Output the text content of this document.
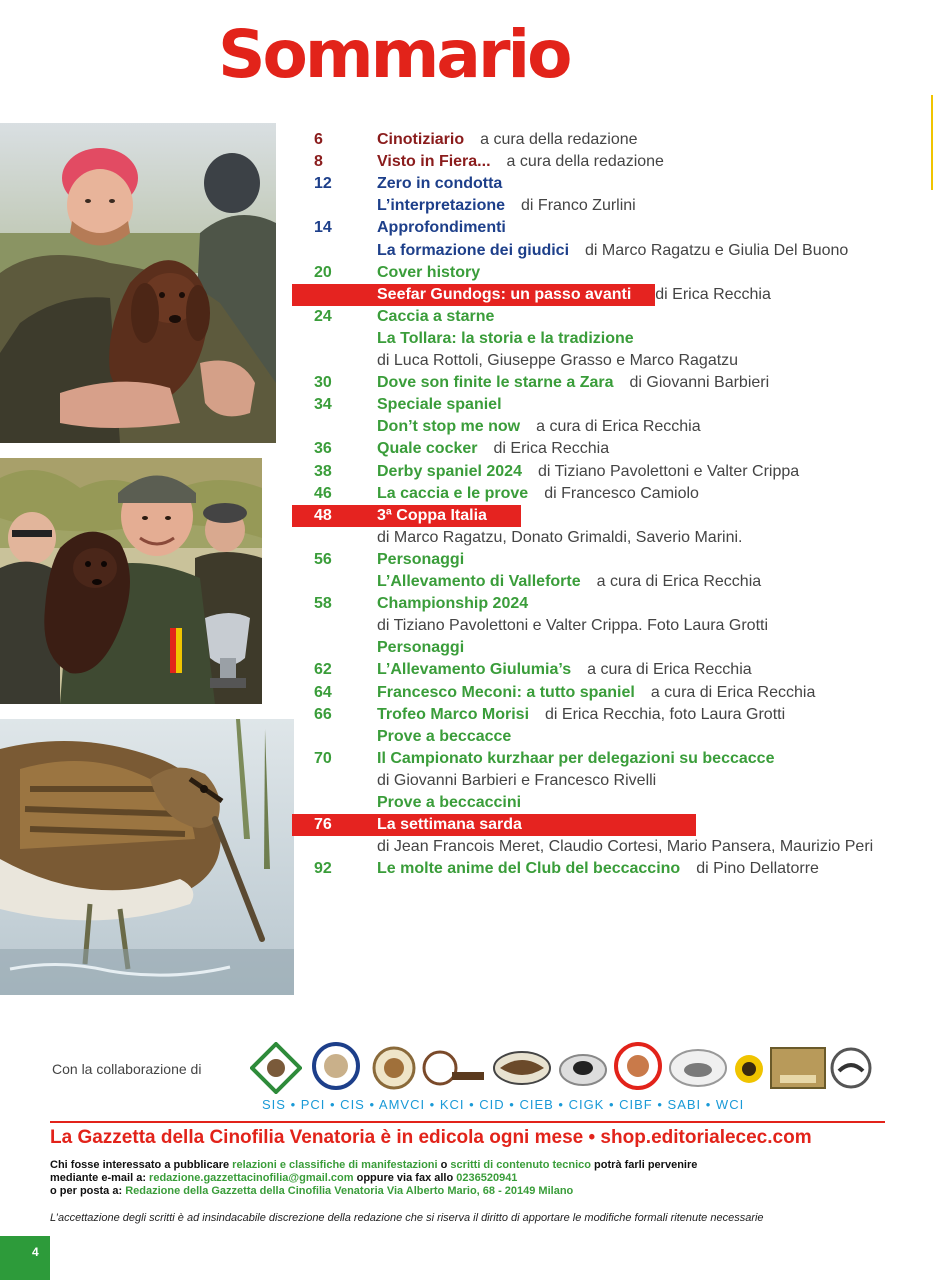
Sommario
6	Cinotiziario a cura della redazione
8	Visto in Fiera... a cura della redazione
12	Zero in condotta
L’interpretazione di Franco Zurlini
14	Approfondimenti
La formazione dei giudici di Marco Ragatzu e Giulia Del Buono
20	Cover history
Seefar Gundogs: un passo avanti di Erica Recchia
24	Caccia a starne
La Tollara: la storia e la tradizione
di Luca Rottoli, Giuseppe Grasso e Marco Ragatzu
30	Dove son finite le starne a Zara di Giovanni Barbieri
34	Speciale spaniel
Don’t stop me now a cura di Erica Recchia
36	Quale cocker di Erica Recchia
38	Derby spaniel 2024 di Tiziano Pavolettoni e Valter Crippa
46	La caccia e le prove di Francesco Camiolo
48	3ª Coppa Italia
di Marco Ragatzu, Donato Grimaldi, Saverio Marini.
56	Personaggi
L’Allevamento di Valleforte a cura di Erica Recchia
58	Championship 2024
di Tiziano Pavolettoni e Valter Crippa. Foto Laura Grotti
Personaggi
62	L’Allevamento Giulumia’s a cura di Erica Recchia
64	Francesco Meconi: a tutto spaniel a cura di Erica Recchia
66	Trofeo Marco Morisi di Erica Recchia, foto Laura Grotti
Prove a beccacce
70	Il Campionato kurzhaar per delegazioni su beccacce
di Giovanni Barbieri e Francesco Rivelli
Prove a beccaccini
76	La settimana sarda
di Jean Francois Meret, Claudio Cortesi, Mario Pansera, Maurizio Peri
92	Le molte anime del Club del beccaccino di Pino Dellatorre
Con la collaborazione di
SIS • PCI • CIS • AMVCI • KCI • CID • CIEB • CIGK • CIBF • SABI • WCI
La Gazzetta della Cinofilia Venatoria è in edicola ogni mese • shop.editorialecec.com
Chi fosse interessato a pubblicare relazioni e classifiche di manifestazioni o scritti di contenuto tecnico potrà farli pervenire
mediante e-mail a: redazione.gazzettacinofilia@gmail.com oppure via fax allo 0236520941
o per posta a: Redazione della Gazzetta della Cinofilia Venatoria Via Alberto Mario, 68 - 20149 Milano
L’accettazione degli scritti è ad insindacabile discrezione della redazione che si riserva il diritto di apportare le modifiche formali ritenute necessarie
4
